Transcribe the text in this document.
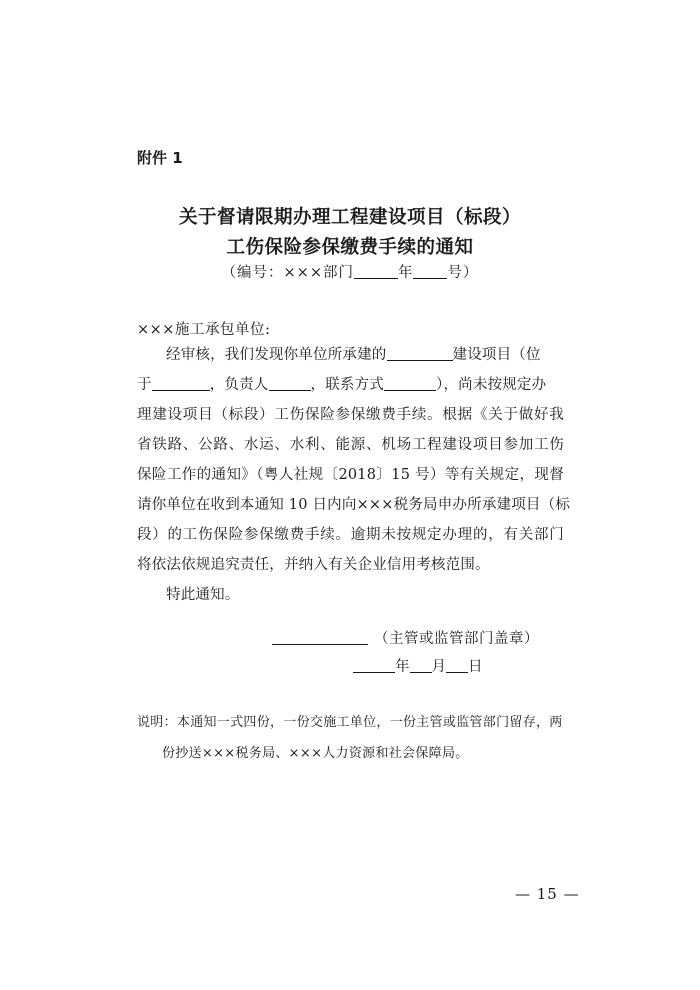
附件 1
关于督请限期办理工程建设项目（标段）
工伤保险参保缴费手续的通知
（编号：×××部门	年 号）
×××施工承包单位:
经审核，我们发现你单位所承建的	建设项目（位
于	，负责人	，联系方式	），尚未按规定办
理建设项目（标段）工伤保险参保缴费手续。根据《关于做好我
省铁路、公路、水运、水利、能源、机场工程建设项目参加工伤
保险工作的通知》（粤人社规〔2018〕15 号）等有关规定，现督
请你单位在收到本通知 10 日内向×××税务局申办所承建项目（标
段）的工伤保险参保缴费手续。逾期未按规定办理的，有关部门
将依法依规追究责任，并纳入有关企业信用考核范围。
特此通知。
（主管或监管部门盖章）
年 月 日
说明：本通知一式四份，一份交施工单位，一份主管或监管部门留存，两
份抄送×××税务局、×××人力资源和社会保障局。
— 15 —
